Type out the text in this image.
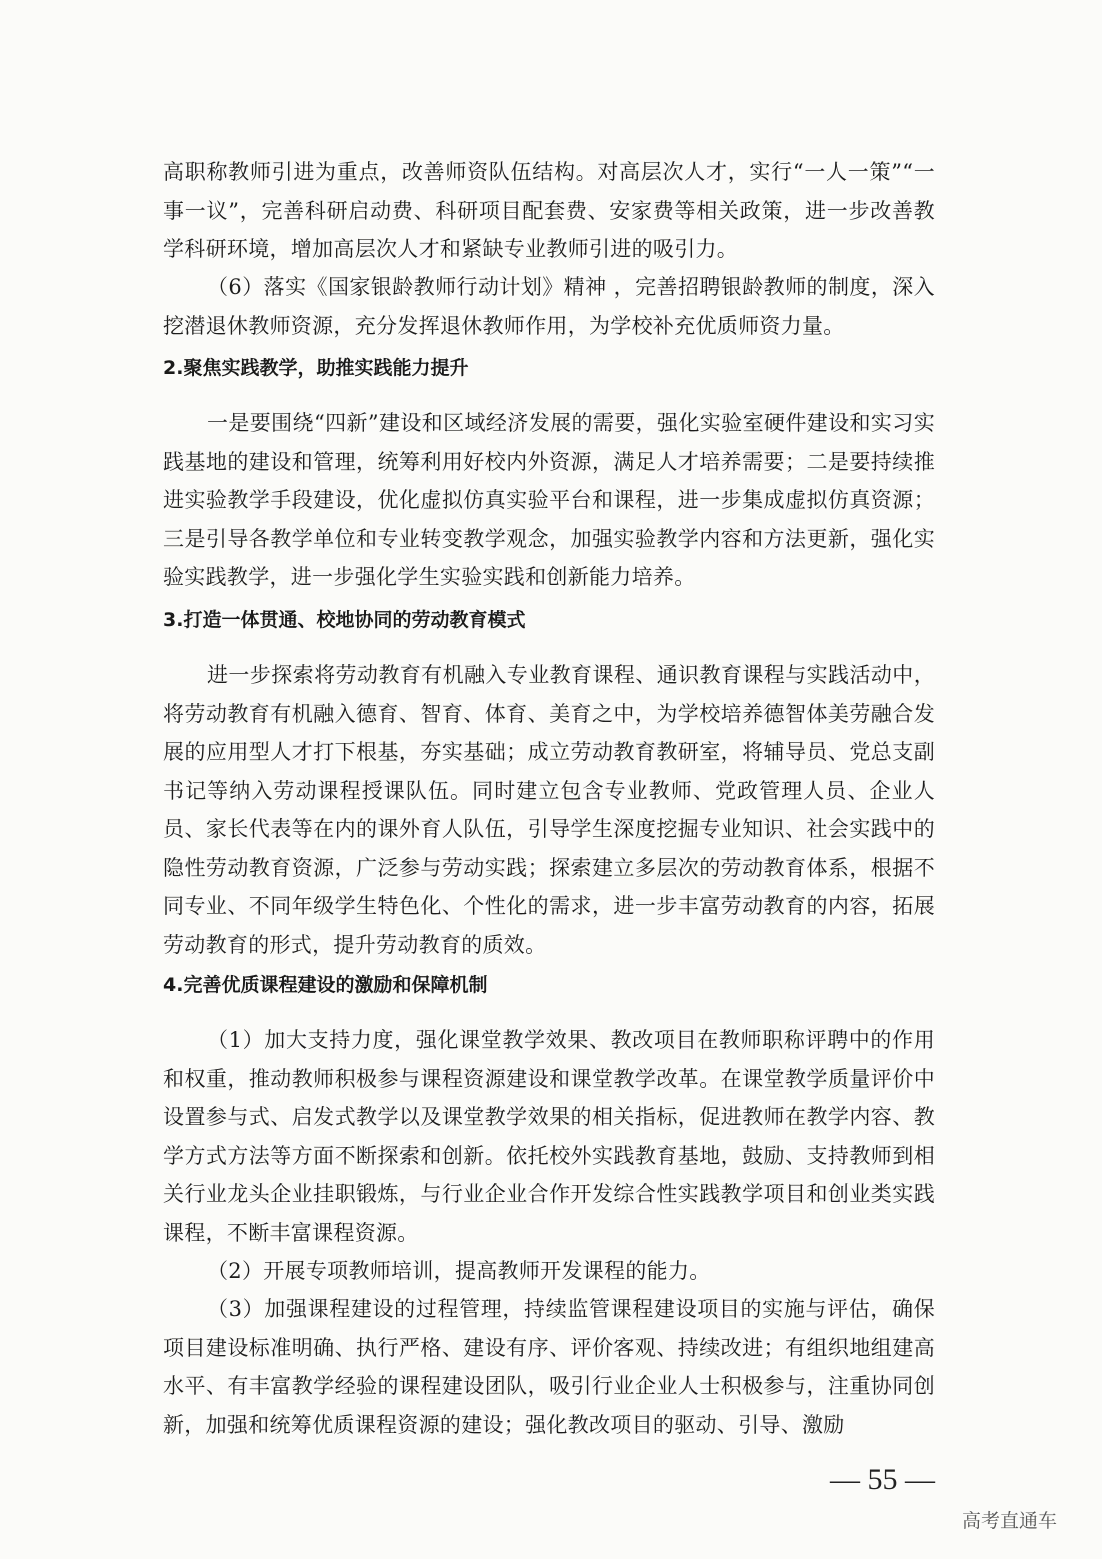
高职称教师引进为重点，改善师资队伍结构。对高层次人才，实行“一人一策”“一事一议”，完善科研启动费、科研项目配套费、安家费等相关政策，进一步改善教学科研环境，增加高层次人才和紧缺专业教师引进的吸引力。

（6）落实《国家银龄教师行动计划》精神 ，完善招聘银龄教师的制度，深入挖潜退休教师资源，充分发挥退休教师作用，为学校补充优质师资力量。

2.聚焦实践教学，助推实践能力提升

一是要围绕“四新”建设和区域经济发展的需要，强化实验室硬件建设和实习实践基地的建设和管理，统筹利用好校内外资源，满足人才培养需要；二是要持续推进实验教学手段建设，优化虚拟仿真实验平台和课程，进一步集成虚拟仿真资源；三是引导各教学单位和专业转变教学观念，加强实验教学内容和方法更新，强化实验实践教学，进一步强化学生实验实践和创新能力培养。

3.打造一体贯通、校地协同的劳动教育模式

进一步探索将劳动教育有机融入专业教育课程、通识教育课程与实践活动中，将劳动教育有机融入德育、智育、体育、美育之中，为学校培养德智体美劳融合发展的应用型人才打下根基，夯实基础；成立劳动教育教研室，将辅导员、党总支副书记等纳入劳动课程授课队伍。同时建立包含专业教师、党政管理人员、企业人员、家长代表等在内的课外育人队伍，引导学生深度挖掘专业知识、社会实践中的隐性劳动教育资源，广泛参与劳动实践；探索建立多层次的劳动教育体系，根据不同专业、不同年级学生特色化、个性化的需求，进一步丰富劳动教育的内容，拓展劳动教育的形式，提升劳动教育的质效。

4.完善优质课程建设的激励和保障机制

（1）加大支持力度，强化课堂教学效果、教改项目在教师职称评聘中的作用和权重，推动教师积极参与课程资源建设和课堂教学改革。在课堂教学质量评价中设置参与式、启发式教学以及课堂教学效果的相关指标，促进教师在教学内容、教学方式方法等方面不断探索和创新。依托校外实践教育基地，鼓励、支持教师到相关行业龙头企业挂职锻炼，与行业企业合作开发综合性实践教学项目和创业类实践课程，不断丰富课程资源。

（2）开展专项教师培训，提高教师开发课程的能力。

（3）加强课程建设的过程管理，持续监管课程建设项目的实施与评估，确保项目建设标准明确、执行严格、建设有序、评价客观、持续改进；有组织地组建高水平、有丰富教学经验的课程建设团队，吸引行业企业人士积极参与，注重协同创新，加强和统筹优质课程资源的建设；强化教改项目的驱动、引导、激励

— 55 —
高考直通车
